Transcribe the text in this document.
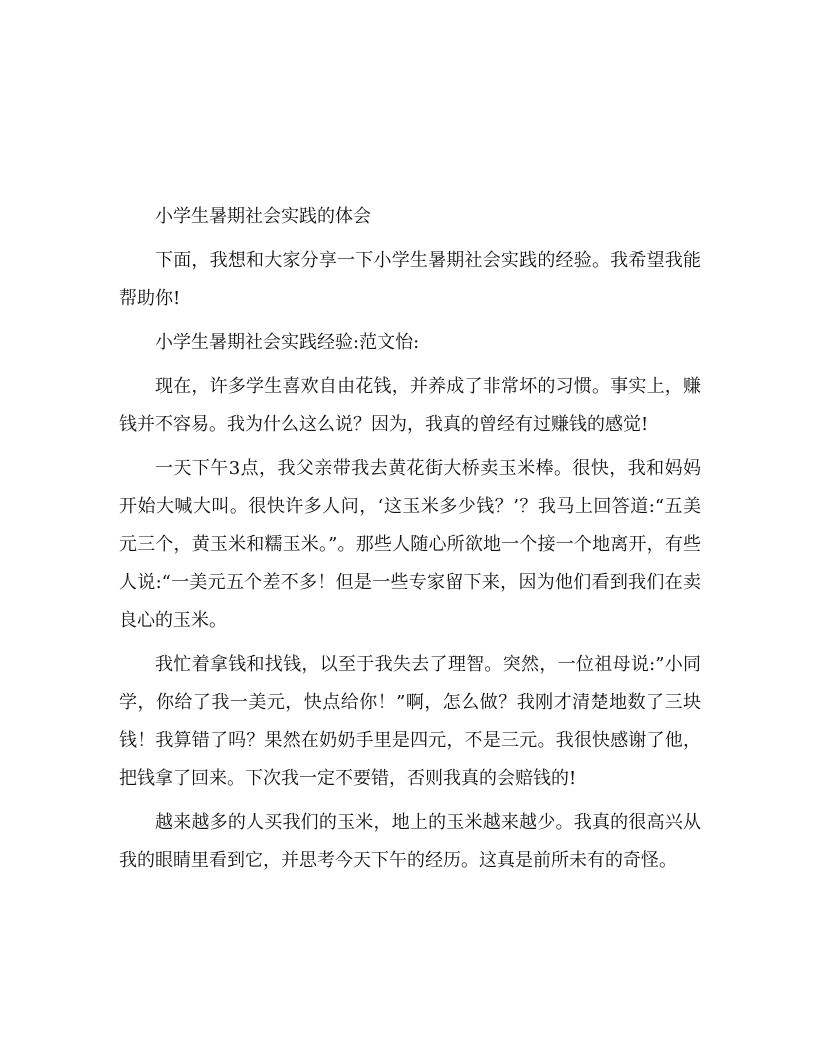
小学生暑期社会实践的体会

下面，我想和大家分享一下小学生暑期社会实践的经验。我希望我能帮助你!

小学生暑期社会实践经验:范文怡:

现在，许多学生喜欢自由花钱，并养成了非常坏的习惯。事实上，赚钱并不容易。我为什么这么说？因为，我真的曾经有过赚钱的感觉!

一天下午3点，我父亲带我去黄花街大桥卖玉米棒。很快，我和妈妈开始大喊大叫。很快许多人问，‘这玉米多少钱？’？我马上回答道:“五美元三个，黄玉米和糯玉米。”。那些人随心所欲地一个接一个地离开，有些人说:“一美元五个差不多！但是一些专家留下来，因为他们看到我们在卖良心的玉米。

我忙着拿钱和找钱，以至于我失去了理智。突然，一位祖母说:”小同学，你给了我一美元，快点给你！”啊，怎么做？我刚才清楚地数了三块钱！我算错了吗？果然在奶奶手里是四元，不是三元。我很快感谢了他，把钱拿了回来。下次我一定不要错，否则我真的会赔钱的!

越来越多的人买我们的玉米，地上的玉米越来越少。我真的很高兴从我的眼睛里看到它，并思考今天下午的经历。这真是前所未有的奇怪。
